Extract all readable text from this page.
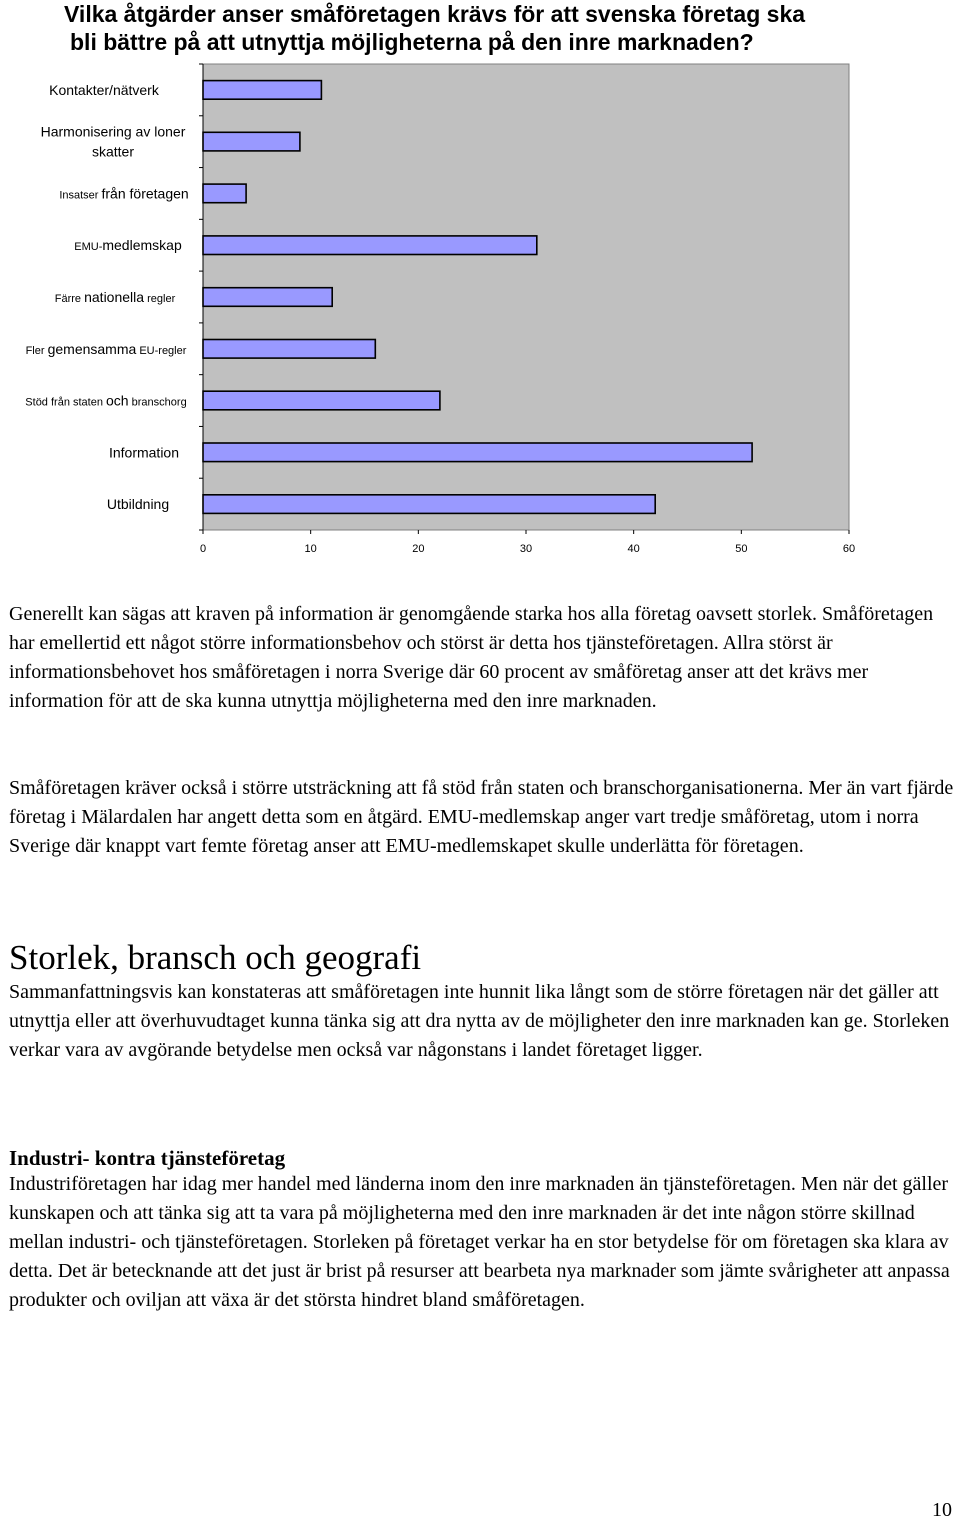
Vilka åtgärder anser småföretagen krävs för att svenska företag ska
bli bättre på att utnyttja möjligheterna på den inre marknaden?
Kontakter/nätverk
Harmonisering av loner
skatter
Insatser från företagen
EMU-medlemskap
Färre nationella regler
Fler gemensamma EU-regler
Stöd från staten och branschorg
Information
Utbildning
0	10	20	30	40	50	60

Generellt kan sägas att kraven på information är genomgående starka hos alla företag oavsett storlek. Småföretagen har emellertid ett något större informationsbehov och störst är detta hos tjänsteföretagen. Allra störst är informationsbehovet hos småföretagen i norra Sverige där 60 procent av småföretag anser att det krävs mer information för att de ska kunna utnyttja möjligheterna med den inre marknaden.

Småföretagen kräver också i större utsträckning att få stöd från staten och branschorganisationerna. Mer än vart fjärde företag i Mälardalen har angett detta som en åtgärd. EMU-medlemskap anger vart tredje småföretag, utom i norra Sverige där knappt vart femte företag anser att EMU-medlemskapet skulle underlätta för företagen.

Storlek, bransch och geografi

Sammanfattningsvis kan konstateras att småföretagen inte hunnit lika långt som de större företagen när det gäller att utnyttja eller att överhuvudtaget kunna tänka sig att dra nytta av de möjligheter den inre marknaden kan ge. Storleken verkar vara av avgörande betydelse men också var någonstans i landet företaget ligger.

Industri- kontra tjänsteföretag

Industriföretagen har idag mer handel med länderna inom den inre marknaden än tjänsteföretagen. Men när det gäller kunskapen och att tänka sig att ta vara på möjligheterna med den inre marknaden är det inte någon större skillnad mellan industri- och tjänsteföretagen. Storleken på företaget verkar ha en stor betydelse för om företagen ska klara av detta. Det är betecknande att det just är brist på resurser att bearbeta nya marknader som jämte svårigheter att anpassa produkter och oviljan att växa är det största hindret bland småföretagen.

10
